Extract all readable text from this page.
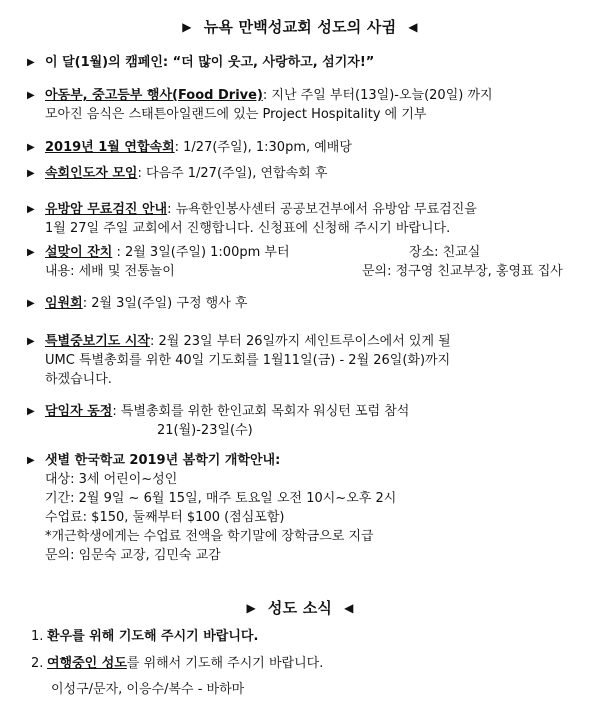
▶ 뉴욕 만백성교회 성도의 사귐 ◀
▶ 이 달(1월)의 캠페인: “더 많이 웃고, 사랑하고, 섬기자!”
▶ 아동부, 중고등부 행사(Food Drive): 지난 주일 부터(13일)-오늘(20일) 까지
모아진 음식은 스태튼아일랜드에 있는 Project Hospitality 에 기부
▶ 2019년 1월 연합속회: 1/27(주일), 1:30pm, 예배당
▶ 속회인도자 모임: 다음주 1/27(주일), 연합속회 후
▶ 유방암 무료검진 안내: 뉴욕한인봉사센터 공공보건부에서 유방암 무료검진을
1월 27일 주일 교회에서 진행합니다. 신청표에 신청해 주시기 바랍니다.
▶ 설맞이 잔치 : 2월 3일(주일) 1:00pm 부터
내용: 세배 및 전통놀이
장소: 친교실
문의: 정구영 친교부장, 홍영표 집사
▶ 임원회: 2월 3일(주일) 구정 행사 후
▶ 특별중보기도 시작: 2월 23일 부터 26일까지 세인트루이스에서 있게 될
UMC 특별총회를 위한 40일 기도회를 1월11일(금) - 2월 26일(화)까지
하겠습니다.
▶ 담임자 동정: 특별총회를 위한 한인교회 목회자 워싱턴 포럼 참석
21(월)-23일(수)
▶ 샛별 한국학교 2019년 봄학기 개학안내:
대상: 3세 어린이~성인
기간: 2월 9일 ~ 6월 15일, 매주 토요일 오전 10시~오후 2시
수업료: $150, 둘째부터 $100 (점심포함)
*개근학생에게는 수업료 전액을 학기말에 장학금으로 지급
문의: 임문숙 교장, 김민숙 교감
▶ 성도 소식 ◀
1. 환우를 위해 기도해 주시기 바랍니다.
2. 여행중인 성도를 위해서 기도해 주시기 바랍니다.
이성구/문자, 이응수/복수 - 바하마
